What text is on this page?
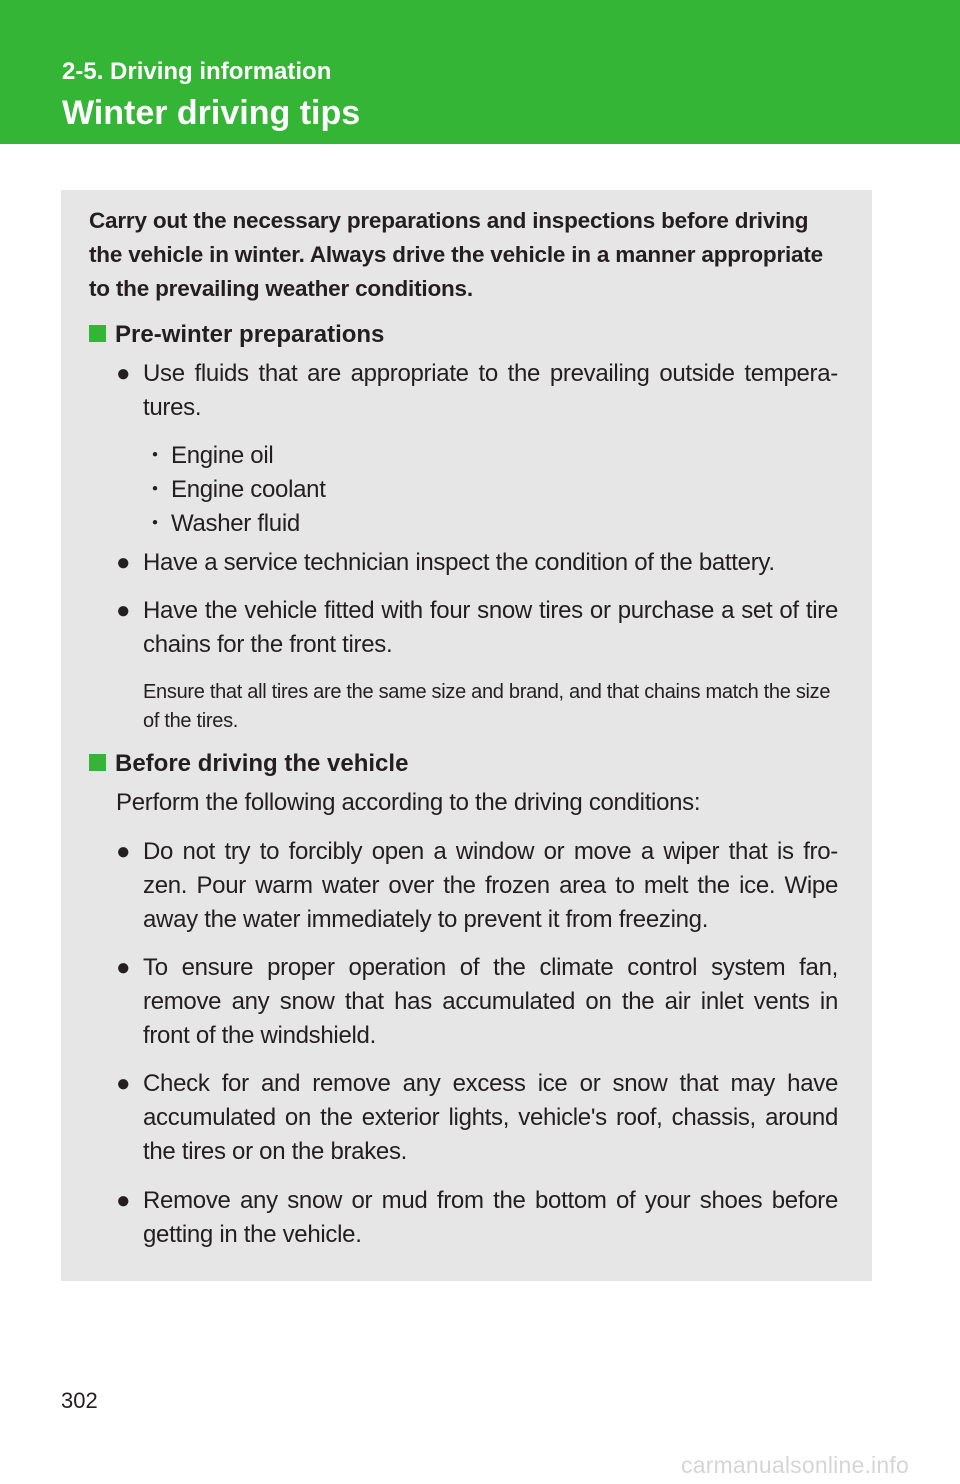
2-5. Driving information
Winter driving tips
Carry out the necessary preparations and inspections before driving the vehicle in winter. Always drive the vehicle in a manner appropriate to the prevailing weather conditions.
Pre-winter preparations
● Use fluids that are appropriate to the prevailing outside tempera-tures.
・ Engine oil
・ Engine coolant
・ Washer fluid
● Have a service technician inspect the condition of the battery.
● Have the vehicle fitted with four snow tires or purchase a set of tire chains for the front tires.
Ensure that all tires are the same size and brand, and that chains match the size of the tires.
Before driving the vehicle
Perform the following according to the driving conditions:
● Do not try to forcibly open a window or move a wiper that is fro-zen. Pour warm water over the frozen area to melt the ice. Wipe away the water immediately to prevent it from freezing.
● To ensure proper operation of the climate control system fan, remove any snow that has accumulated on the air inlet vents in front of the windshield.
● Check for and remove any excess ice or snow that may have accumulated on the exterior lights, vehicle's roof, chassis, around the tires or on the brakes.
● Remove any snow or mud from the bottom of your shoes before getting in the vehicle.
302
carmanualsonline.info
